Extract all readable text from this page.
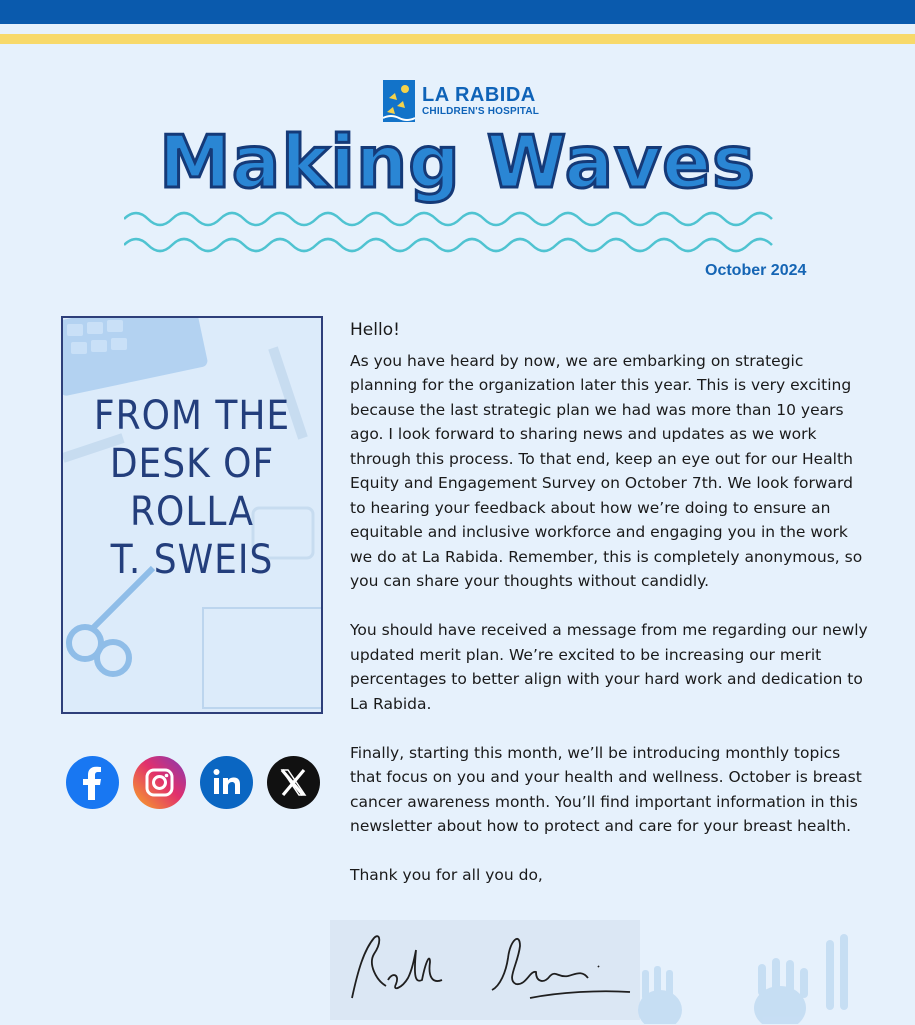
LA RABIDA
CHILDREN'S HOSPITAL
Making Waves
October 2024
FROM THE
DESK OF
ROLLA
T. SWEIS

Hello!

As you have heard by now, we are embarking on strategic planning for the organization later this year. This is very exciting because the last strategic plan we had was more than 10 years ago. I look forward to sharing news and updates as we work through this process. To that end, keep an eye out for our Health Equity and Engagement Survey on October 7th. We look forward to hearing your feedback about how we’re doing to ensure an equitable and inclusive workforce and engaging you in the work we do at La Rabida. Remember, this is completely anonymous, so you can share your thoughts without candidly.

You should have received a message from me regarding our newly updated merit plan. We’re excited to be increasing our merit percentages to better align with your hard work and dedication to La Rabida.

Finally, starting this month, we’ll be introducing monthly topics that focus on you and your health and wellness. October is breast cancer awareness month. You’ll find important information in this newsletter about how to protect and care for your breast health.

Thank you for all you do,
